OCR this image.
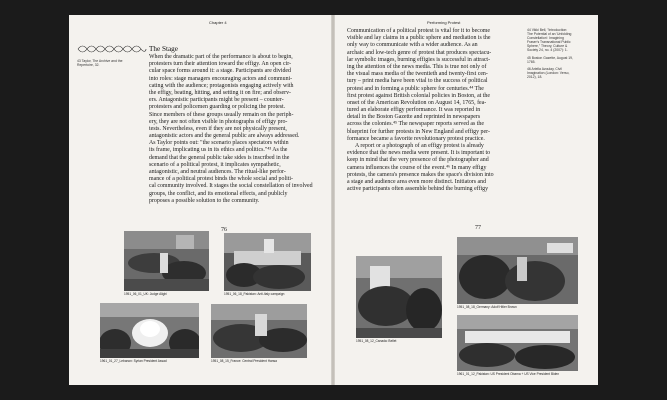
Chapter 4
The Stage
43 Taylor, The Archive and the
Repertoire, 32.
When the dramatic part of the performance is about to begin,
protesters turn their attention toward the effigy. An open cir-
cular space forms around it: a stage. Participants are divided
into roles: stage managers encouraging actors and communi-
cating with the audience; protagonists engaging actively with
the effigy, beating, hitting, and setting it on fire; and observ-
ers. Antagonistic participants might be present – counter-
protesters and policemen guarding or policing the protest.
Since members of these groups usually remain on the periph-
ery, they are not often visible in photographs of effigy pro-
tests. Nevertheless, even if they are not physically present,
antagonistic actors and the general public are always addressed.
As Taylor points out: "the scenario places spectators within
its frame, implicating us in its ethics and politics."⁴³ As the
demand that the general public take sides is inscribed in the
scenario of a political protest, it implicates sympathetic,
antagonistic, and neutral audiences. The ritual-like perfor-
mance of a political protest binds the whole social and politi-
cal community involved. It stages the social constellation of involved
groups, the conflict, and its emotional effects, and publicly
proposes a possible solution to the community.
76
1951_06_01_UK: Judge Alighi	1951_06_18_Pakistan: Anti-Italy campaign
1961_01_27_Lebanon: Syrian President Assad	1951_08_15_France: Central President Hansa
Performing Protest
Communication of a political protest is vital for it to become
visible and lay claims in a public sphere and mediation is the
only way to communicate with a wider audience. As an
archaic and low-tech genre of protest that produces spectacu-
lar symbolic images, burning effigies is successful in attract-
ing the attention of the news media. This is true not only of
the visual mass media of the twentieth and twenty-first cen-
tury – print media have been vital to the success of political
protest and in forming a public sphere for centuries.⁴⁴ The
first protest against British colonial policies in Boston, at the
onset of the American Revolution on August 14, 1765, fea-
tured an elaborate effigy performance. It was reported in
detail in the Boston Gazette and reprinted in newspapers
across the colonies.⁴⁵ The newspaper reports served as the
blueprint for further protests in New England and effigy per-
formance became a favorite revolutionary protest practice.
A report or a photograph of an effigy protest is already
evidence that the news media were present. It is important to
keep in mind that the very presence of the photographer and
camera influences the course of the event.⁴⁶ In many effigy
protests, the camera's presence makes the space's division into
a stage and audience area even more distinct. Initiators and
active participants often assemble behind the burning effigy
44 Vikki Bell, "Introduction:
The Potential of an 'Unfolding
Constellation': Imagining
Fraser's Transnational Public
Sphere," Theory, Culture &
Society 24, no. 4 (2007): 1.
45 Boston Gazette, August 19,
1765.
46 Ariella Azoulay, Civil
Imagination (London: Verso,
2012), 18.
77
1951_08_12_Canada: Bellet
1951_08_18_Germany: Adolf Hitler Brown
1961_01_12_Pakistan: US President Obama + US Vice President Biden
